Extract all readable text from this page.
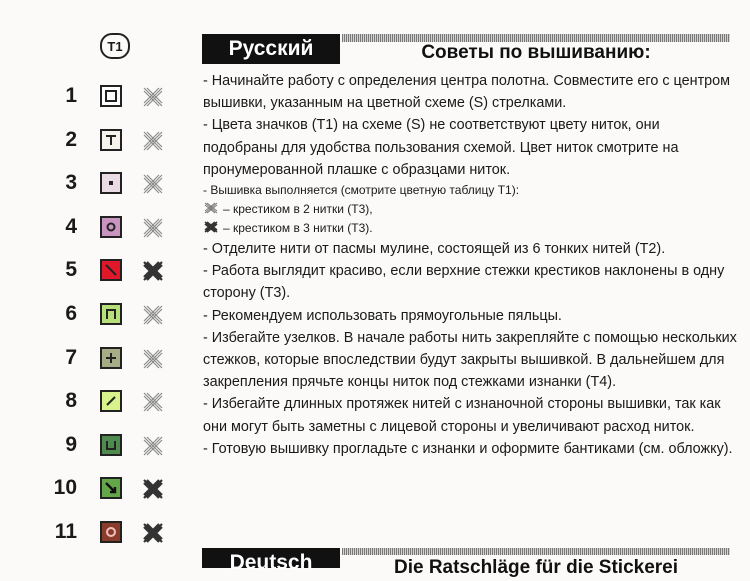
T1
1
2
3
4
5
6
7
8
9
10
11
Русский	Советы по вышиванию:

- Начинайте работу с определения центра полотна. Совместите его с центром вышивки, указанным на цветной схеме (S) стрелками.

- Цвета значков (T1) на схеме (S) не соответствуют цвету ниток, они подобраны для удобства пользования схемой. Цвет ниток смотрите на пронумерованной плашке с образцами ниток.

- Вышивка выполняется (смотрите цветную таблицу T1):

– крестиком в 2 нитки (T3),

– крестиком в 3 нитки (T3).

- Отделите нити от пасмы мулине, состоящей из 6 тонких нитей (T2).

- Работа выглядит красиво, если верхние стежки крестиков наклонены в одну сторону (T3).

- Рекомендуем использовать прямоугольные пяльцы.

- Избегайте узелков. В начале работы нить закрепляйте с помощью нескольких стежков, которые впоследствии будут закрыты вышивкой. В дальнейшем для закрепления прячьте концы ниток под стежками изнанки (T4).

- Избегайте длинных протяжек нитей с изнаночной стороны вышивки, так как они могут быть заметны с лицевой стороны и увеличивают расход ниток.

- Готовую вышивку прогладьте с изнанки и оформите бантиками (см. обложку).

Deutsch	Die Ratschläge für die Stickerei
